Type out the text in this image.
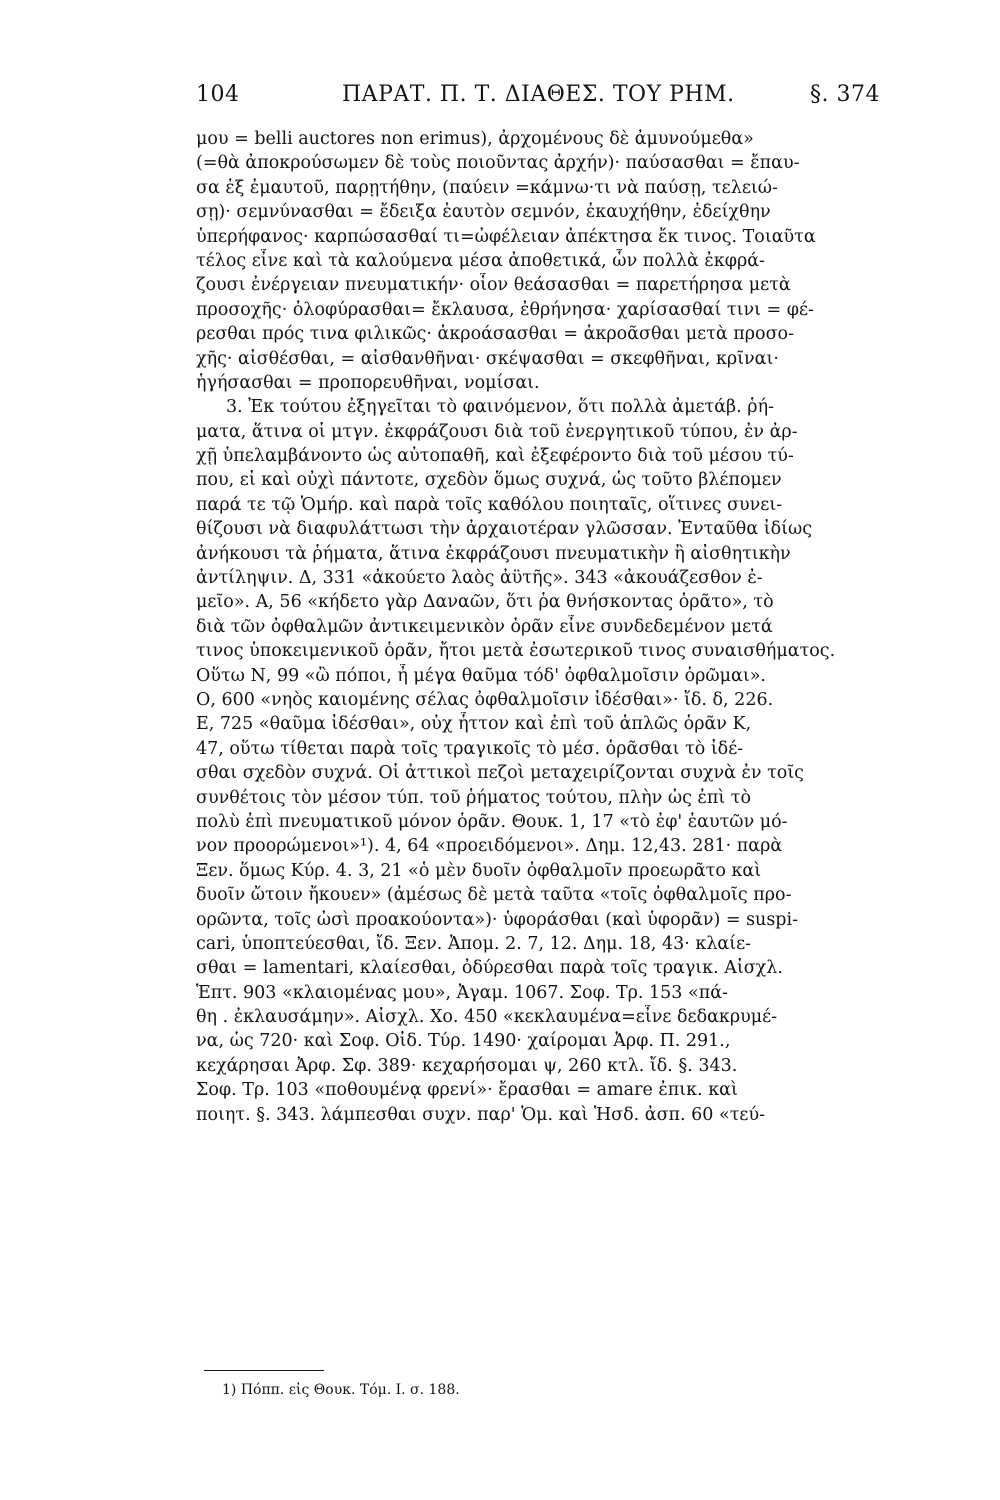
104	ΠΑΡΑΤ. Π. Τ. ΔΙΑΘΕΣ. ΤΟΥ ΡΗΜ.	§. 374
μου = belli auctores non erimus), ἀρχομένους δὲ ἀμυνούμεθα»
(=θὰ ἀποκρούσωμεν δὲ τοὺς ποιοῦντας ἀρχήν)· παύσασθαι = ἔπαυ-
σα ἐξ ἐμαυτοῦ, παρῃτήθην, (παύειν =κάμνω·τι νὰ παύσῃ, τελειώ-
σῃ)· σεμνύνασθαι = ἔδειξα ἑαυτὸν σεμνόν, ἐκαυχήθην, ἐδείχθην
ὑπερήφανος· καρπώσασθαί τι=ὠφέλειαν ἀπέκτησα ἔκ τινος. Τοιαῦτα
τέλος εἶνε καὶ τὰ καλούμενα μέσα ἀποθετικά, ὧν πολλὰ ἐκφρά-
ζουσι ἐνέργειαν πνευματικήν· οἷον θεάσασθαι = παρετήρησα μετὰ
προσοχῆς· ὀλοφύρασθαι= ἔκλαυσα, ἐθρήνησα· χαρίσασθαί τινι = φέ-
ρεσθαι πρός τινα φιλικῶς· ἀκροάσασθαι = ἀκροᾶσθαι μετὰ προσο-
χῆς· αἰσθέσθαι, = αἰσθανθῆναι· σκέψασθαι = σκεφθῆναι, κρῖναι·
ἡγήσασθαι = προπορευθῆναι, νομίσαι.
3. Ἐκ τούτου ἐξηγεῖται τὸ φαινόμενον, ὅτι πολλὰ ἀμετάβ. ῥή-
ματα, ἅτινα οἱ μτγν. ἐκφράζουσι διὰ τοῦ ἐνεργητικοῦ τύπου, ἐν ἀρ-
χῇ ὑπελαμβάνοντο ὡς αὐτοπαθῆ, καὶ ἐξεφέροντο διὰ τοῦ μέσου τύ-
που, εἰ καὶ οὐχὶ πάντοτε, σχεδὸν ὅμως συχνά, ὡς τοῦτο βλέπομεν
παρά τε τῷ Ὁμήρ. καὶ παρὰ τοῖς καθόλου ποιηταῖς, οἵτινες συνει-
θίζουσι νὰ διαφυλάττωσι τὴν ἀρχαιοτέραν γλῶσσαν. Ἐνταῦθα ἰδίως
ἀνήκουσι τὰ ῥήματα, ἅτινα ἐκφράζουσι πνευματικὴν ἢ αἰσθητικὴν
ἀντίληψιν. Δ, 331 «ἀκούετο λαὸς ἀϋτῆς». 343 «ἀκουάζεσθον ἐ-
μεῖο». Α, 56 «κήδετο γὰρ Δαναῶν, ὅτι ῥα θνήσκοντας ὁρᾶτο», τὸ
διὰ τῶν ὀφθαλμῶν ἀντικειμενικὸν ὁρᾶν εἶνε συνδεδεμένον μετά
τινος ὑποκειμενικοῦ ὁρᾶν, ἤτοι μετὰ ἐσωτερικοῦ τινος συναισθήματος.
Οὕτω Ν, 99 «ὢ πόποι, ἦ μέγα θαῦμα τόδ' ὀφθαλμοῖσιν ὁρῶμαι».
Ο, 600 «νηὸς καιομένης σέλας ὀφθαλμοῖσιν ἰδέσθαι»· ἴδ. δ, 226.
Ε, 725 «θαῦμα ἰδέσθαι», οὐχ ἧττον καὶ ἐπὶ τοῦ ἁπλῶς ὁρᾶν Κ,
47, οὕτω τίθεται παρὰ τοῖς τραγικοῖς τὸ μέσ. ὁρᾶσθαι τὸ ἰδέ-
σθαι σχεδὸν συχνά. Οἱ ἀττικοὶ πεζοὶ μεταχειρίζονται συχνὰ ἐν τοῖς
συνθέτοις τὸν μέσον τύπ. τοῦ ῥήματος τούτου, πλὴν ὡς ἐπὶ τὸ
πολὺ ἐπὶ πνευματικοῦ μόνον ὁρᾶν. Θουκ. 1, 17 «τὸ ἐφ' ἑαυτῶν μό-
νον προορώμενοι»¹). 4, 64 «προειδόμενοι». Δημ. 12,43. 281· παρὰ
Ξεν. ὅμως Κύρ. 4. 3, 21 «ὁ μὲν δυοῖν ὀφθαλμοῖν προεωρᾶτο καὶ
δυοῖν ὤτοιν ἤκουεν» (ἀμέσως δὲ μετὰ ταῦτα «τοῖς ὀφθαλμοῖς προ-
ορῶντα, τοῖς ὠσὶ προακούοντα»)· ὑφοράσθαι (καὶ ὑφορᾶν) = suspi-
cari, ὑποπτεύεσθαι, ἴδ. Ξεν. Ἀπομ. 2. 7, 12. Δημ. 18, 43· κλαίε-
σθαι = lamentari, κλαίεσθαι, ὀδύρεσθαι παρὰ τοῖς τραγικ. Αἰσχλ.
Ἑπτ. 903 «κλαιομένας μου», Ἀγαμ. 1067. Σοφ. Τρ. 153 «πά-
θη . ἐκλαυσάμην». Αἰσχλ. Χο. 450 «κεκλαυμένα=εἶνε δεδακρυμέ-
να, ὡς 720· καὶ Σοφ. Οἰδ. Τύρ. 1490· χαίρομαι Ἀρφ. Π. 291.,
κεχάρησαι Ἀρφ. Σφ. 389· κεχαρήσομαι ψ, 260 κτλ. ἴδ. §. 343.
Σοφ. Τρ. 103 «ποθουμένᾳ φρενί»· ἔρασθαι = amare ἐπικ. καὶ
ποιητ. §. 343. λάμπεσθαι συχν. παρ' Ὁμ. καὶ Ἡσδ. ἀσπ. 60 «τεύ-
1) Πόππ. εἰς Θουκ. Τόμ. I. σ. 188.
